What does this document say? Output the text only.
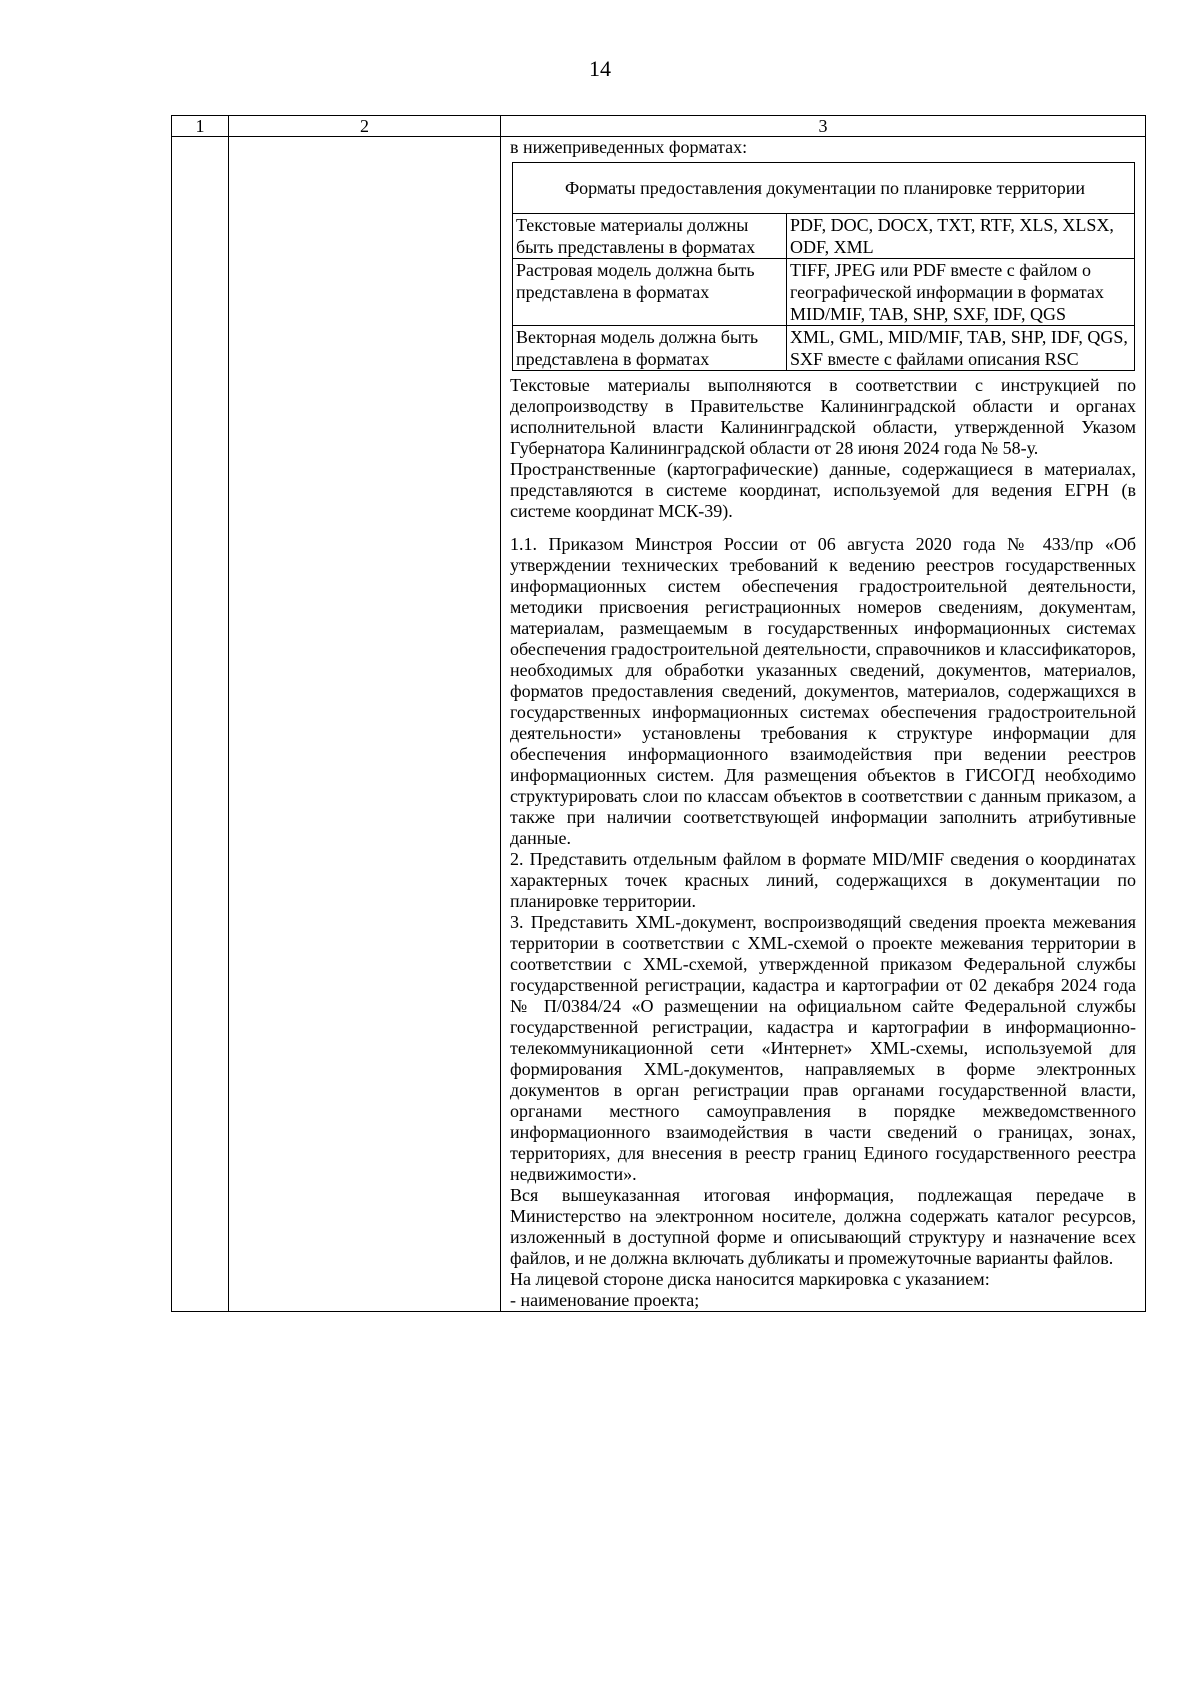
14
1	2	3

в нижеприведенных форматах:

Форматы предоставления документации по планировке территории
Текстовые материалы должны быть представлены в форматах	PDF, DOC, DOCX, TXT, RTF, XLS, XLSX, ODF, XML
Растровая модель должна быть представлена в форматах	TIFF, JPEG или PDF вместе с файлом о географической информации в форматах MID/MIF, TAB, SHP, SXF, IDF, QGS
Векторная модель должна быть представлена в форматах	XML, GML, MID/MIF, TAB, SHP, IDF, QGS, SXF вместе с файлами описания RSC

Текстовые материалы выполняются в соответствии с инструкцией по делопроизводству в Правительстве Калининградской области и органах исполнительной власти Калининградской области, утвержденной Указом Губернатора Калининградской области от 28 июня 2024 года № 58-у.

Пространственные (картографические) данные, содержащиеся в материалах, представляются в системе координат, используемой для ведения ЕГРН (в системе координат МСК-39).

1.1. Приказом Минстроя России от 06 августа 2020 года № 433/пр «Об утверждении технических требований к ведению реестров государственных информационных систем обеспечения градостроительной деятельности, методики присвоения регистрационных номеров сведениям, документам, материалам, размещаемым в государственных информационных системах обеспечения градостроительной деятельности, справочников и классификаторов, необходимых для обработки указанных сведений, документов, материалов, форматов предоставления сведений, документов, материалов, содержащихся в государственных информационных системах обеспечения градостроительной деятельности» установлены требования к структуре информации для обеспечения информационного взаимодействия при ведении реестров информационных систем. Для размещения объектов в ГИСОГД необходимо структурировать слои по классам объектов в соответствии с данным приказом, а также при наличии соответствующей информации заполнить атрибутивные данные.

2. Представить отдельным файлом в формате MID/MIF сведения о координатах характерных точек красных линий, содержащихся в документации по планировке территории.

3. Представить XML-документ, воспроизводящий сведения проекта межевания территории в соответствии с XML-схемой о проекте межевания территории в соответствии с XML-схемой, утвержденной приказом Федеральной службы государственной регистрации, кадастра и картографии от 02 декабря 2024 года № П/0384/24 «О размещении на официальном сайте Федеральной службы государственной регистрации, кадастра и картографии в информационно-телекоммуникационной сети «Интернет» XML-схемы, используемой для формирования XML-документов, направляемых в форме электронных документов в орган регистрации прав органами государственной власти, органами местного самоуправления в порядке межведомственного информационного взаимодействия в части сведений о границах, зонах, территориях, для внесения в реестр границ Единого государственного реестра недвижимости».

Вся вышеуказанная итоговая информация, подлежащая передаче в Министерство на электронном носителе, должна содержать каталог ресурсов, изложенный в доступной форме и описывающий структуру и назначение всех файлов, и не должна включать дубликаты и промежуточные варианты файлов.

На лицевой стороне диска наносится маркировка с указанием:

- наименование проекта;
